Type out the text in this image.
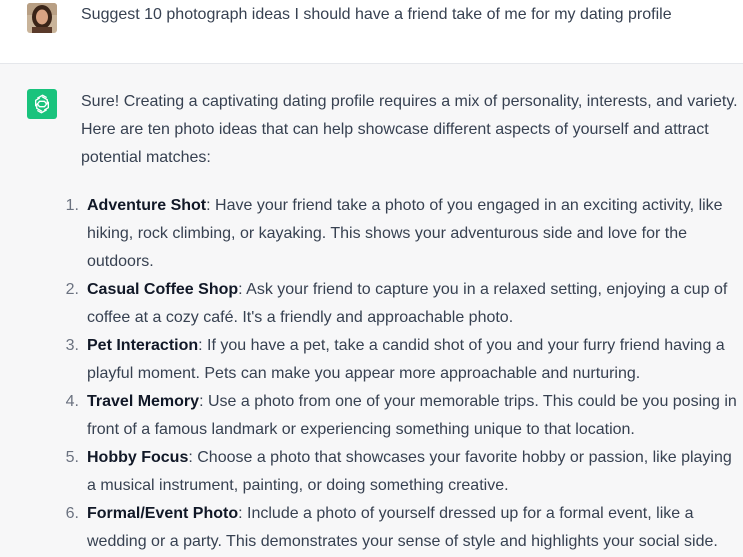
Suggest 10 photograph ideas I should have a friend take of me for my dating profile

Sure! Creating a captivating dating profile requires a mix of personality, interests, and variety. Here are ten photo ideas that can help showcase different aspects of yourself and attract potential matches:

1. Adventure Shot: Have your friend take a photo of you engaged in an exciting activity, like hiking, rock climbing, or kayaking. This shows your adventurous side and love for the outdoors.
2. Casual Coffee Shop: Ask your friend to capture you in a relaxed setting, enjoying a cup of coffee at a cozy café. It's a friendly and approachable photo.
3. Pet Interaction: If you have a pet, take a candid shot of you and your furry friend having a playful moment. Pets can make you appear more approachable and nurturing.
4. Travel Memory: Use a photo from one of your memorable trips. This could be you posing in front of a famous landmark or experiencing something unique to that location.
5. Hobby Focus: Choose a photo that showcases your favorite hobby or passion, like playing a musical instrument, painting, or doing something creative.
6. Formal/Event Photo: Include a photo of yourself dressed up for a formal event, like a wedding or a party. This demonstrates your sense of style and highlights your social side.
